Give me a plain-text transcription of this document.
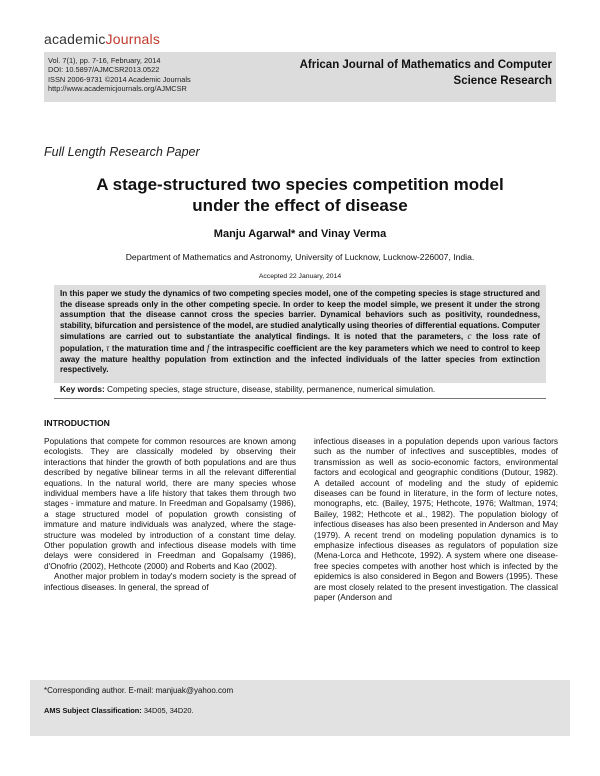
academicJournals
Vol. 7(1), pp. 7-16, February, 2014
DOI: 10.5897/AJMCSR2013.0522
ISSN 2006-9731 ©2014 Academic Journals
http://www.academicjournals.org/AJMCSR
African Journal of Mathematics and Computer
Science Research
Full Length Research Paper
A stage-structured two species competition model
under the effect of disease
Manju Agarwal* and Vinay Verma
Department of Mathematics and Astronomy, University of Lucknow, Lucknow-226007, India.
Accepted 22 January, 2014
In this paper we study the dynamics of two competing species model, one of the competing species is stage structured and the disease spreads only in the other competing specie. In order to keep the model simple, we present it under the strong assumption that the disease cannot cross the species barrier. Dynamical behaviors such as positivity, roundedness, stability, bifurcation and persistence of the model, are studied analytically using theories of differential equations. Computer simulations are carried out to substantiate the analytical findings. It is noted that the parameters, c the loss rate of population, τ the maturation time and f the intraspecific coefficient are the key parameters which we need to control to keep away the mature healthy population from extinction and the infected individuals of the latter species from extinction respectively.
Key words: Competing species, stage structure, disease, stability, permanence, numerical simulation.
INTRODUCTION

Populations that compete for common resources are known among ecologists. They are classically modeled by observing their interactions that hinder the growth of both populations and are thus described by negative bilinear terms in all the relevant differential equations. In the natural world, there are many species whose individual members have a life history that takes them through two stages - immature and mature. In Freedman and Gopalsamy (1986), a stage structured model of population growth consisting of immature and mature individuals was analyzed, where the stage-structure was modeled by introduction of a constant time delay. Other population growth and infectious disease models with time delays were considered in Freedman and Gopalsamy (1986), d'Onofrio (2002), Hethcote (2000) and Roberts and Kao (2002).

Another major problem in today's modern society is the spread of infectious diseases. In general, the spread of

infectious diseases in a population depends upon various factors such as the number of infectives and susceptibles, modes of transmission as well as socio-economic factors, environmental factors and ecological and geographic conditions (Dutour, 1982). A detailed account of modeling and the study of epidemic diseases can be found in literature, in the form of lecture notes, monographs, etc. (Bailey, 1975; Hethcote, 1976; Waltman, 1974; Bailey, 1982; Hethcote et al., 1982). The population biology of infectious diseases has also been presented in Anderson and May (1979). A recent trend on modeling population dynamics is to emphasize infectious diseases as regulators of population size (Mena-Lorca and Hethcote, 1992). A system where one disease-free species competes with another host which is infected by the epidemics is also considered in Begon and Bowers (1995). These are most closely related to the present investigation. The classical paper (Anderson and

*Corresponding author. E-mail: manjuak@yahoo.com
AMS Subject Classification: 34D05, 34D20.
